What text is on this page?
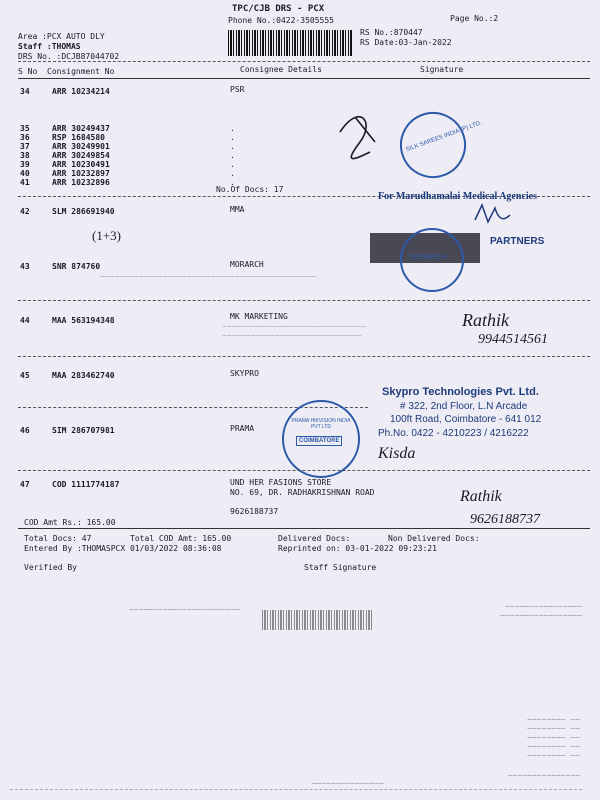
TPC/CJB DRS - PCX
Phone No.:0422-3505555	Page No.:2
Area :PCX AUTO DLY
Staff :THOMAS
DRS No. :DCJB87044702
RS No.:870447
RS Date:03-Jan-2022
S No Consignment No	Consignee Details	Signature
34	ARR 10234214	PSR
35	ARR 30249437
36	RSP 1684580
37	ARR 30249901
38	ARR 30249854
39	ARR 10230491
40	ARR 10232897
41	ARR 10232896
.
.
.
.
.
.
.
No.Of Docs: 17
SILK SAREES INDIA (P) LTD.
42	SLM 286691940	MMA
For Marudhamalai Medical Agencies
(1+3)
43	SNR 874760	MORARCH
~~~~~~~~~~~~~~~~~~~~~~~~~~~~~~~~~~~~~~~~~~~~~
MORARCH
PARTNERS
44	MAA 563194348	MK MARKETING
~~~~~~~~~~~~~~~~~~~~~~~~~~~~~~
~~~~~~~~~~~~~~~~~~~~~~~~~~~~~
Rathik
9944514561
45	MAA 283462740	SKYPRO
Skypro Technologies Pvt. Ltd.
# 322, 2nd Floor, L.N Arcade
100ft Road, Coimbatore - 641 012
Ph.No. 0422 - 4210223 / 4216222
46	SIM 286707981	PRAMA
PRAMA HIKVISION INDIA PVT LTD
COIMBATORE
Kisda
47	COD 1111774187	UND HER FASIONS STORE
NO. 69, DR. RADHAKRISHNAN ROAD
9626188737
Rathik
9626188737
COD Amt Rs.: 165.00
Total Docs: 47	Total COD Amt: 165.00	Delivered Docs:	Non Delivered Docs:
Entered By :THOMASPCX 01/03/2022 08:36:08	Reprinted on: 03-01-2022 09:23:21
Verified By	Staff Signature
~~~~~~~~~~~~~~~
~~ ~~~~~~~~
~~ ~~~~~~~~
~~ ~~~~~~~~
~~ ~~~~~~~~
~~ ~~~~~~~~
~~~~~~~~~~~~~~~
~~~~~~~~~~~~~~~~~
~~~~~~~~~~~~~~~~
~~~~~~~~~~~~~~~~~~~~~~~
